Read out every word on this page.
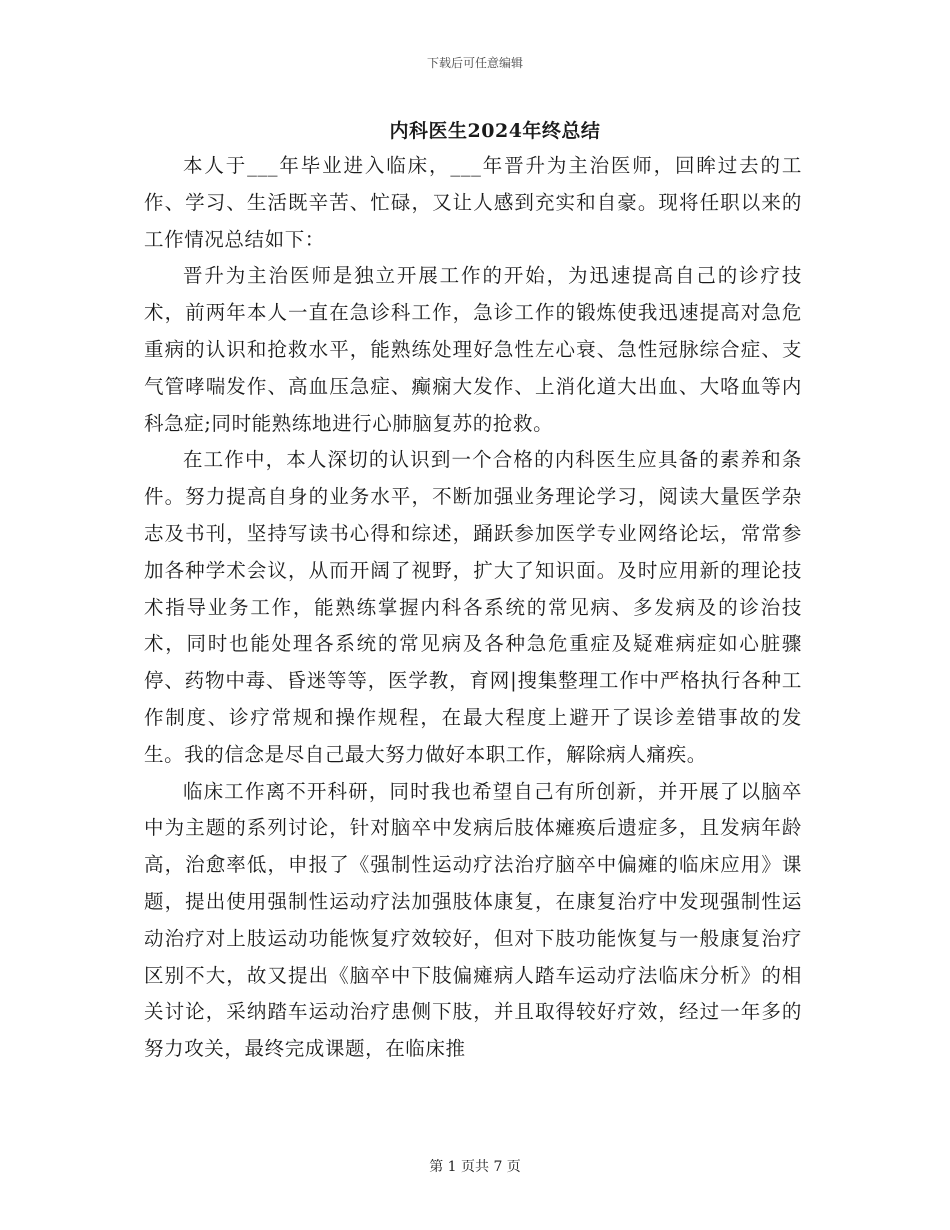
下载后可任意编辑
内科医生2024年终总结

本人于___年毕业进入临床，___年晋升为主治医师，回眸过去的工作、学习、生活既辛苦、忙碌，又让人感到充实和自豪。现将任职以来的工作情况总结如下：

晋升为主治医师是独立开展工作的开始，为迅速提高自己的诊疗技术，前两年本人一直在急诊科工作，急诊工作的锻炼使我迅速提高对急危重病的认识和抢救水平，能熟练处理好急性左心衰、急性冠脉综合症、支气管哮喘发作、高血压急症、癫痫大发作、上消化道大出血、大咯血等内科急症;同时能熟练地进行心肺脑复苏的抢救。

在工作中，本人深切的认识到一个合格的内科医生应具备的素养和条件。努力提高自身的业务水平，不断加强业务理论学习，阅读大量医学杂志及书刊，坚持写读书心得和综述，踊跃参加医学专业网络论坛，常常参加各种学术会议，从而开阔了视野，扩大了知识面。及时应用新的理论技术指导业务工作，能熟练掌握内科各系统的常见病、多发病及的诊治技术，同时也能处理各系统的常见病及各种急危重症及疑难病症如心脏骤停、药物中毒、昏迷等等，医学教，育网|搜集整理工作中严格执行各种工作制度、诊疗常规和操作规程，在最大程度上避开了误诊差错事故的发生。我的信念是尽自己最大努力做好本职工作，解除病人痛疾。

临床工作离不开科研，同时我也希望自己有所创新，并开展了以脑卒中为主题的系列讨论，针对脑卒中发病后肢体瘫痪后遗症多，且发病年龄高，治愈率低，申报了《强制性运动疗法治疗脑卒中偏瘫的临床应用》课题，提出使用强制性运动疗法加强肢体康复，在康复治疗中发现强制性运动治疗对上肢运动功能恢复疗效较好，但对下肢功能恢复与一般康复治疗区别不大，故又提出《脑卒中下肢偏瘫病人踏车运动疗法临床分析》的相关讨论，采纳踏车运动治疗患侧下肢，并且取得较好疗效，经过一年多的努力攻关，最终完成课题，在临床推

第 1 页共 7 页
